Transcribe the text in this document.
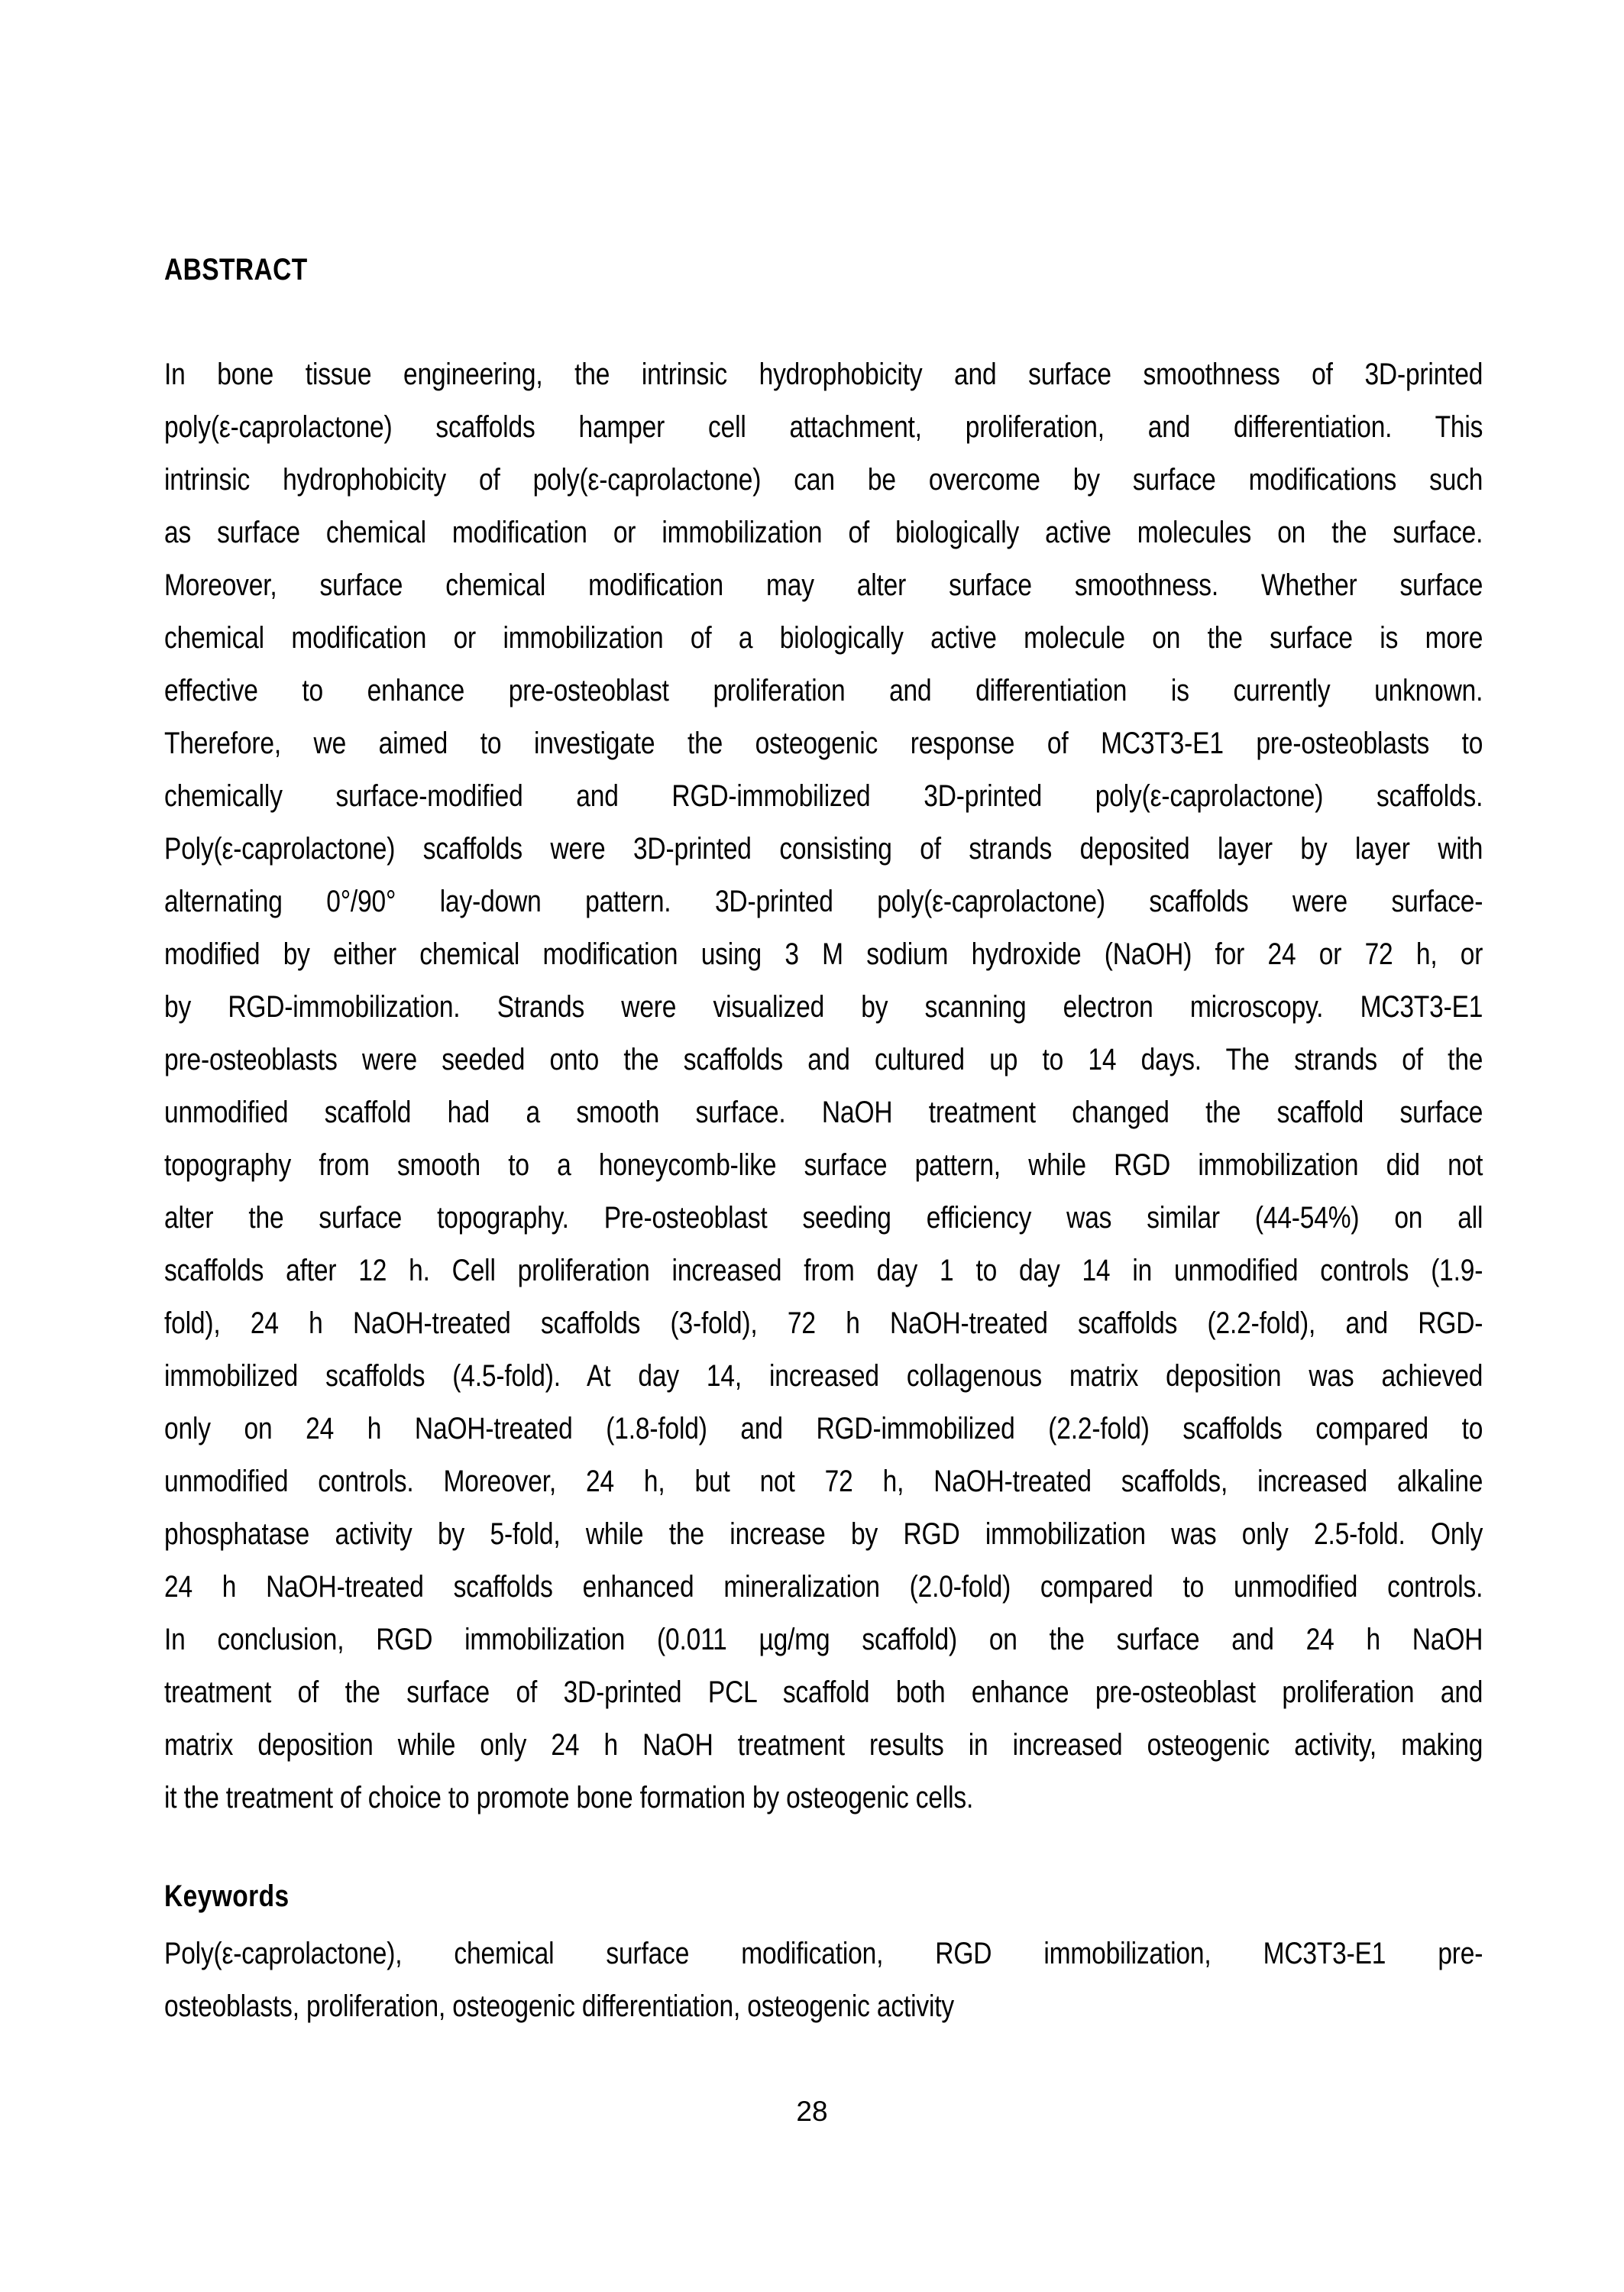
ABSTRACT
In bone tissue engineering, the intrinsic hydrophobicity and surface smoothness of 3D-printed
poly(ε-caprolactone) scaffolds hamper cell attachment, proliferation, and differentiation. This
intrinsic hydrophobicity of poly(ε-caprolactone) can be overcome by surface modifications such
as surface chemical modification or immobilization of biologically active molecules on the surface.
Moreover, surface chemical modification may alter surface smoothness. Whether surface
chemical modification or immobilization of a biologically active molecule on the surface is more
effective to enhance pre-osteoblast proliferation and differentiation is currently unknown.
Therefore, we aimed to investigate the osteogenic response of MC3T3-E1 pre-osteoblasts to
chemically surface-modified and RGD-immobilized 3D-printed poly(ε-caprolactone) scaffolds.
Poly(ε-caprolactone) scaffolds were 3D-printed consisting of strands deposited layer by layer with
alternating 0°/90° lay-down pattern. 3D-printed poly(ε-caprolactone) scaffolds were surface-
modified by either chemical modification using 3 M sodium hydroxide (NaOH) for 24 or 72 h, or
by RGD-immobilization. Strands were visualized by scanning electron microscopy. MC3T3-E1
pre-osteoblasts were seeded onto the scaffolds and cultured up to 14 days. The strands of the
unmodified scaffold had a smooth surface. NaOH treatment changed the scaffold surface
topography from smooth to a honeycomb-like surface pattern, while RGD immobilization did not
alter the surface topography. Pre-osteoblast seeding efficiency was similar (44-54%) on all
scaffolds after 12 h. Cell proliferation increased from day 1 to day 14 in unmodified controls (1.9-
fold), 24 h NaOH-treated scaffolds (3-fold), 72 h NaOH-treated scaffolds (2.2-fold), and RGD-
immobilized scaffolds (4.5-fold). At day 14, increased collagenous matrix deposition was achieved
only on 24 h NaOH-treated (1.8-fold) and RGD-immobilized (2.2-fold) scaffolds compared to
unmodified controls. Moreover, 24 h, but not 72 h, NaOH-treated scaffolds, increased alkaline
phosphatase activity by 5-fold, while the increase by RGD immobilization was only 2.5-fold. Only
24 h NaOH-treated scaffolds enhanced mineralization (2.0-fold) compared to unmodified controls.
In conclusion, RGD immobilization (0.011 µg/mg scaffold) on the surface and 24 h NaOH
treatment of the surface of 3D-printed PCL scaffold both enhance pre-osteoblast proliferation and
matrix deposition while only 24 h NaOH treatment results in increased osteogenic activity, making
it the treatment of choice to promote bone formation by osteogenic cells.
Keywords
Poly(ε-caprolactone), chemical surface modification, RGD immobilization, MC3T3-E1 pre-
osteoblasts, proliferation, osteogenic differentiation, osteogenic activity
28
